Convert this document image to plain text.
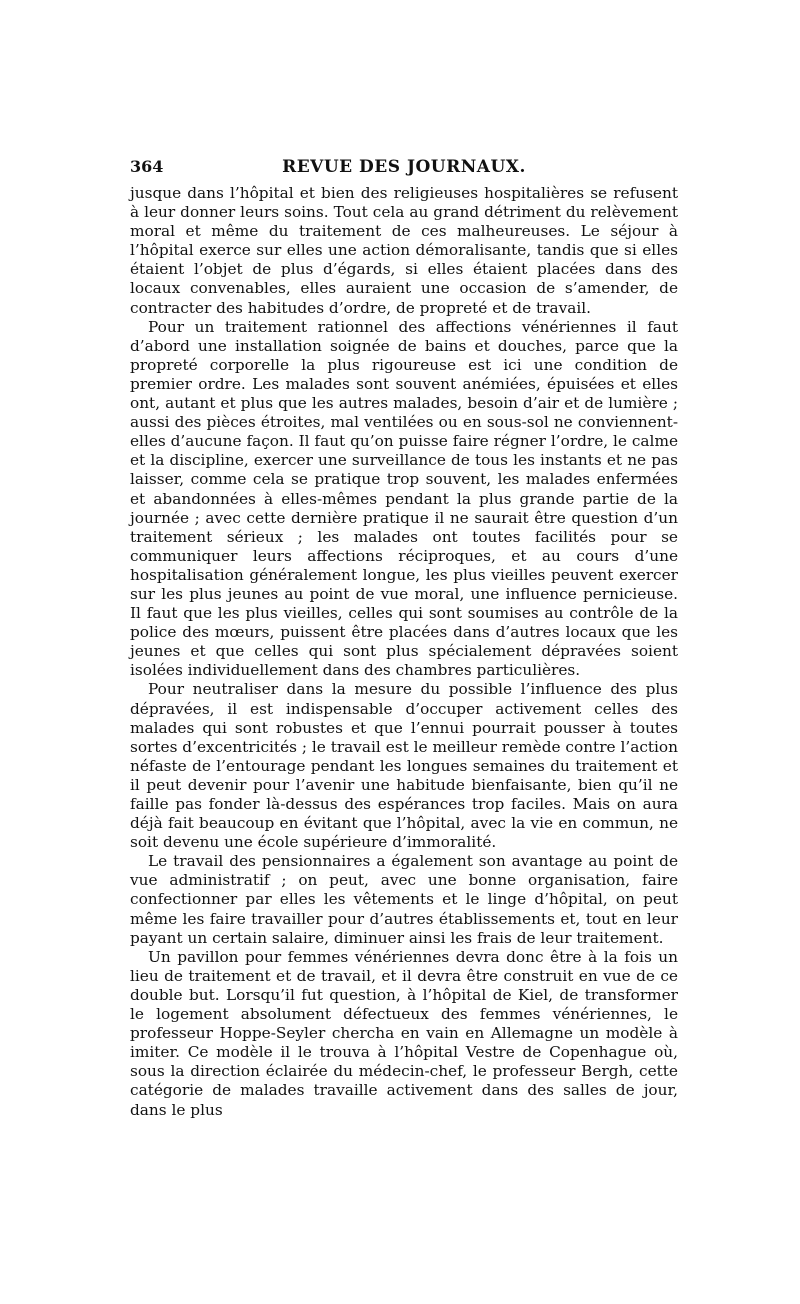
364	REVUE DES JOURNAUX.

jusque dans l’hôpital et bien des religieuses hospitalières se refusent à leur donner leurs soins. Tout cela au grand détriment du relèvement moral et même du traitement de ces malheureuses. Le séjour à l’hôpital exerce sur elles une action démoralisante, tandis que si elles étaient l’objet de plus d’égards, si elles étaient placées dans des locaux convenables, elles auraient une occasion de s’amender, de contracter des habitudes d’ordre, de propreté et de travail.

Pour un traitement rationnel des affections vénériennes il faut d’abord une installation soignée de bains et douches, parce que la propreté corporelle la plus rigoureuse est ici une condition de premier ordre. Les malades sont souvent anémiées, épuisées et elles ont, autant et plus que les autres malades, besoin d’air et de lumière ; aussi des pièces étroites, mal ventilées ou en sous-sol ne conviennent-elles d’aucune façon. Il faut qu’on puisse faire régner l’ordre, le calme et la discipline, exercer une surveillance de tous les instants et ne pas laisser, comme cela se pratique trop souvent, les malades enfermées et abandonnées à elles-mêmes pendant la plus grande partie de la journée ; avec cette dernière pratique il ne saurait être question d’un traitement sérieux ; les malades ont toutes facilités pour se communiquer leurs affections réciproques, et au cours d’une hospitalisation généralement longue, les plus vieilles peuvent exercer sur les plus jeunes au point de vue moral, une influence pernicieuse. Il faut que les plus vieilles, celles qui sont soumises au contrôle de la police des mœurs, puissent être placées dans d’autres locaux que les jeunes et que celles qui sont plus spécialement dépravées soient isolées individuellement dans des chambres particulières.

Pour neutraliser dans la mesure du possible l’influence des plus dépravées, il est indispensable d’occuper activement celles des malades qui sont robustes et que l’ennui pourrait pousser à toutes sortes d’excentricités ; le travail est le meilleur remède contre l’action néfaste de l’entourage pendant les longues semaines du traitement et il peut devenir pour l’avenir une habitude bienfaisante, bien qu’il ne faille pas fonder là-dessus des espérances trop faciles. Mais on aura déjà fait beaucoup en évitant que l’hôpital, avec la vie en commun, ne soit devenu une école supérieure d’immoralité.

Le travail des pensionnaires a également son avantage au point de vue administratif ; on peut, avec une bonne organisation, faire confectionner par elles les vêtements et le linge d’hôpital, on peut même les faire travailler pour d’autres établissements et, tout en leur payant un certain salaire, diminuer ainsi les frais de leur traitement.

Un pavillon pour femmes vénériennes devra donc être à la fois un lieu de traitement et de travail, et il devra être construit en vue de ce double but. Lorsqu’il fut question, à l’hôpital de Kiel, de transformer le logement absolument défectueux des femmes vénériennes, le professeur Hoppe-Seyler chercha en vain en Allemagne un modèle à imiter. Ce modèle il le trouva à l’hôpital Vestre de Copenhague où, sous la direction éclairée du médecin-chef, le professeur Bergh, cette catégorie de malades travaille activement dans des salles de jour, dans le plus
